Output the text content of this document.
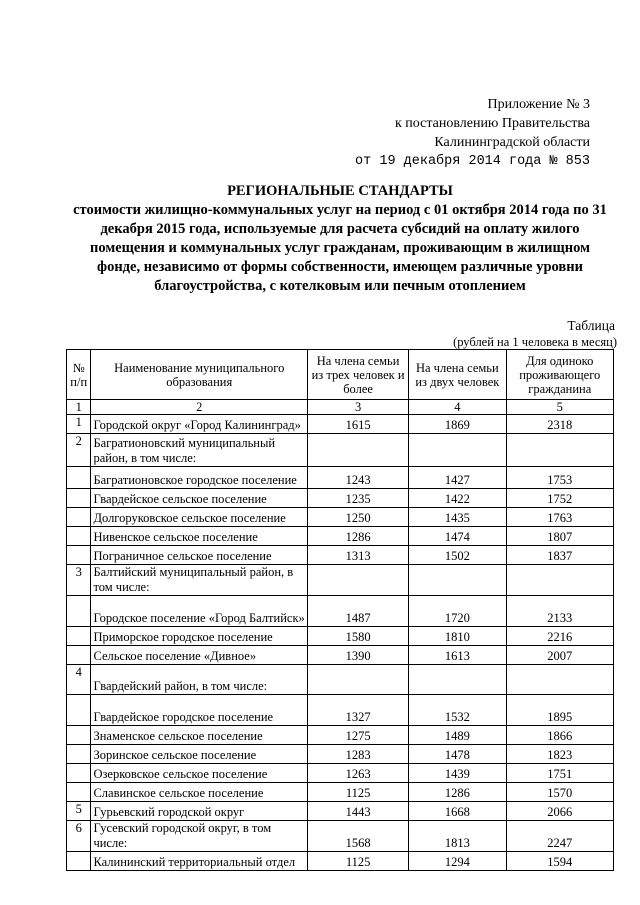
Приложение № 3
к постановлению Правительства
Калининградской области
от 19 декабря 2014 года № 853
РЕГИОНАЛЬНЫЕ СТАНДАРТЫ
стоимости жилищно-коммунальных услуг на период с 01 октября 2014 года по 31 декабря 2015 года, используемые для расчета субсидий на оплату жилого помещения и коммунальных услуг гражданам, проживающим в жилищном фонде, независимо от формы собственности, имеющем различные уровни благоустройства, с котелковым или печным отоплением
Таблица
(рублей на 1 человека в месяц)
№ п/п	Наименование муниципального образования	На члена семьи из трех человек и более	На члена семьи из двух человек	Для одиноко проживающего гражданина
1	2	3	4	5
1	Городской округ «Город Калининград»	1615	1869	2318
2	Багратионовский муниципальный район, в том числе:			
	Багратионовское городское поселение	1243	1427	1753
	Гвардейское сельское поселение	1235	1422	1752
	Долгоруковское сельское поселение	1250	1435	1763
	Нивенское сельское поселение	1286	1474	1807
	Пограничное сельское поселение	1313	1502	1837
3	Балтийский муниципальный район, в том числе:			
	Городское поселение «Город Балтийск»	1487	1720	2133
	Приморское городское поселение	1580	1810	2216
	Сельское поселение «Дивное»	1390	1613	2007
4	Гвардейский район, в том числе:			
	Гвардейское городское поселение	1327	1532	1895
	Знаменское сельское поселение	1275	1489	1866
	Зоринское сельское поселение	1283	1478	1823
	Озерковское сельское поселение	1263	1439	1751
	Славинское сельское поселение	1125	1286	1570
5	Гурьевский городской округ	1443	1668	2066
6	Гусевский городской округ, в том числе:	1568	1813	2247
	Калининский территориальный отдел	1125	1294	1594
